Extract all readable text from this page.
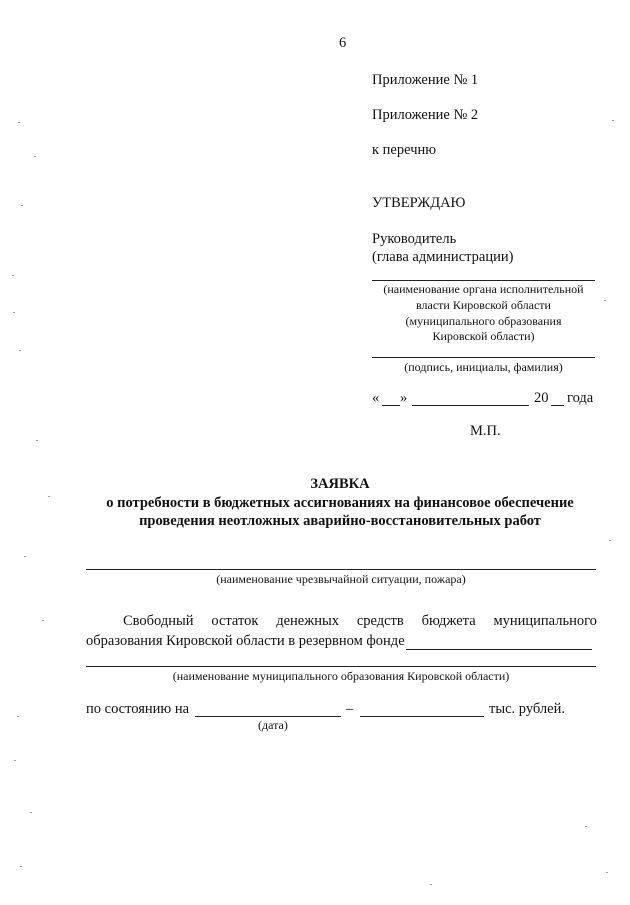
6
Приложение № 1
Приложение № 2
к перечню
УТВЕРЖДАЮ
Руководитель
(глава администрации)
(наименование органа исполнительной
власти Кировской области
(муниципального образования
Кировской области)
(подпись, инициалы, фамилия)
« »	20 года
М.П.
ЗАЯВКА
о потребности в бюджетных ассигнованиях на финансовое обеспечение
проведения неотложных аварийно-восстановительных работ
(наименование чрезвычайной ситуации, пожара)
Свободный остаток денежных средств бюджета муниципального
образования Кировской области в резервном фонде
(наименование муниципального образования Кировской области)
по состоянию на	–	тыс. рублей.
(дата)
